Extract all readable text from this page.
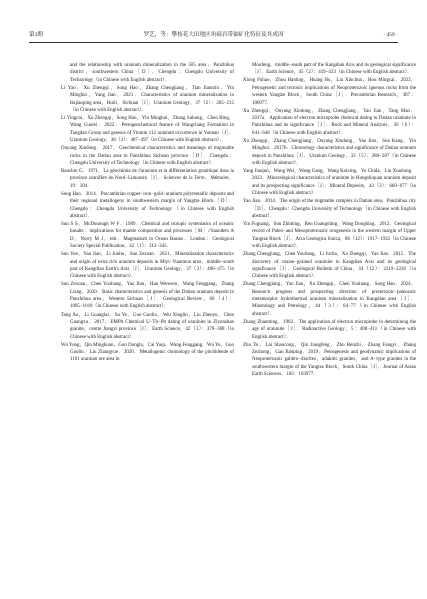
第3期	罗艺，等：攀枝花大田地区角砾岩带铀矿化特征及其成因	· 459 ·

and the relationship with uranium mineralization in the 505 area，Panzhihua district，southwestern China［D］．Chengdu：Chengdu University of Technology（in Chinese with English abstract）．

Li Yao，Xu Zhengqi，Song Hao，Zhang Chengjiang，Tian Jianmin，Yin Minghui，Yang Jian．2021．Characteristics of uranium mineralization in Bajiaoping area，Huili，Sichuan［J］．Uranium Geology，37（2）：205−215（in Chinese with English abstract）．

Li Yingcai，Xu Zhengqi，Song Hao，Yin Minghui，Zhang Suhong，Chen Bing，Wang Guolei．2022．Petrogeochemical feature of Wangchang Formation in Tangdan Group and genesis of Yinmin 112 uranium occurrence in Yunnan［J］．Uranium Geology，38（3）：487−497（in Chinese with English abstract）．

Ouyang Xindong．2017．Geochemical characteristics and meanings of migmatite rocks in the Datian area in Panzhihua Sichuan province［D］．Chengdu：Chengdu University of Technology（in Chinese with English abstract）．

Ranchin G．1971．La géochimie de l'uranium et la différentiation granitique dans la province uranifère du Nord−Limousin［J］．Sciences de la Terre，Mémoire，19：394．

Song Hao．2014．Precambrian copper−iron−gold−uranium polymetallic deposits and their regional metallogeny in southwestern margin of Yangtze Block［D］．Chengdu：Chengdu University of Technology（in Chinese with English abstract）．

Sun S S，McDonough W F．1989．Chemical and isotopic systematics of oceanic basalts：implications for mantle composition and processes［M］//Saunders A D，Norry M J，eds．Magmatism in Ocean Basins．London：Geological Society Special Publication，42（1）：313−345．

Sun Yue，Yao Jian，Li Junhu，Sun Zexuan．2021．Mineralization characteristics and origin of extra rich uranium deposits in Miyi−Yuanmou area，middle−south part of Kangdian Earth's Axis［J］．Uranium Geology，37（3）：466−475（in Chinese with English abstract）．

Sun Zexuan，Chen Youliang，Yao Jian，Han Wenwen，Wang Fenggang，Zhang Liang．2020．Basic characteristics and genesis of the Datian uranium deposit in Panzhihua area，Western Sichuan［J］．Geological Review，66（4）：1005−1018（in Chinese with English abstract）．

Tang Ao，Li Guanglai，Su Ye，Guo Guolin，Wei Xinglin，Liu Zhenyu，Chen Guangxu．2017．EMPA Chemical U−Th−Pb dating of uraninite in Ziyunshan granite，centre Jiangxi province［J］．Earth Science，42（3）：378−388（in Chinese with English abstract）．

Wu Yong，Qin Minghuan，Guo Dongla，Cai Yuqi，Wang Fenggang，Wu Yu，Guo Guolin，Liu Zhangyue．2020．Metallogenic chronology of the pitchblende of 1101 uranium ore area in

Moufeng，middle−south part of the Kangdian Axis and its geological significance［J］．Earth Science，45（2）：419−433（in Chinese with English abstract）．

Xiong Fuhao，Zhou Hanting，Huang Hu，Liu Xinchun，Hou Mingcai．2023．Petrogenetic and tectonic implications of Neoproterozoic igneous rocks from the western Yangtze Block，South China［J］．Precambrian Research，387：106977．

Xu Zhengqi，Ouyang Xindong，Zhang Chengjiang，Yao Jian，Tang Man．2017a．Application of electron microprobe chemical dating to Datian uraninite in Panzhihua and its significance［J］．Rock and Mineral Analysis，36（6）：641−648（in Chinese with English abstract）．

Xu Zhengqi，Zhang Chengjiang，Ouyang Xindong，Yao Jian，Sun Kang，Yin Minghui．2017b．Chronology characteristics and significance of Datian uranium deposit in Panzhihua［J］．Uranium Geology，33（5）：280−287（in Chinese with English abstract）．

Yang Jianjun，Wang Wei，Wang Gang，Wang Kaixing，Yu Chida，Liu Xiaolong．2023．Mineralogical characteristics of uraninite in Hongshiquan uranium deposit and its prospecting significance［J］．Mineral Deposits，42（3）：660−677（in Chinese with English abstract）．

Yao Jian．2014．The origin of the migmatite complex in Datian area，Panzhihua city［D］．Chengdu：Chengdu University of Technology（in Chinese with English abstract）．

Yin Fuguang，Sun Zhiming，Ren Guangming，Wang Donghing．2012．Geological record of Paleo−and Mesoproterozoic orogenesis in the western margin of Upper Yangtze Block［J］．Acta Geologica Sinica，86（12）：1917−1932（in Chinese with English abstract）．

Zhang Chengjiang，Chen Youliang，Li Jucha，Xu Zhengqi，Yao Jian．2015．The discovery of coarse−grained uraninite in Kangdian Axis and its geological significance［J］．Geological Bulletin of China，34（12）：2219−2226（in Chinese with English abstract）．

Zhang Chengjiang，Yao Jian，Xu Zhengqi，Chen Youliang，Song Hao．2024．Research progress and prospecting direction of proterozoic−paleozoic metamorphic hydrothermal uranium mineralization in Kangdian area［J］．Mineralogy and Petrology，44（3）：64−77（in Chinese with English abstract）．

Zhang Zhaoming．1982．The application of electron microprobe in determining the age of uraninite［J］．Radioactive Geology，5：408−411（in Chinese with English abstract）．

Zhu Yu，Lai Shaocong，Qin Jiangfeng，Zhu Renzhi，Zhang Fangyi，Zhang Zezhong，Gan Baoping．2019．Petrogenesis and geodynamic implications of Neoproterozoic gabbro−diorites，adakitic granites，and A−type granites in the southwestern margin of the Yangtze Block，South China［J］．Journal of Asian Earth Sciences，183：103977．
